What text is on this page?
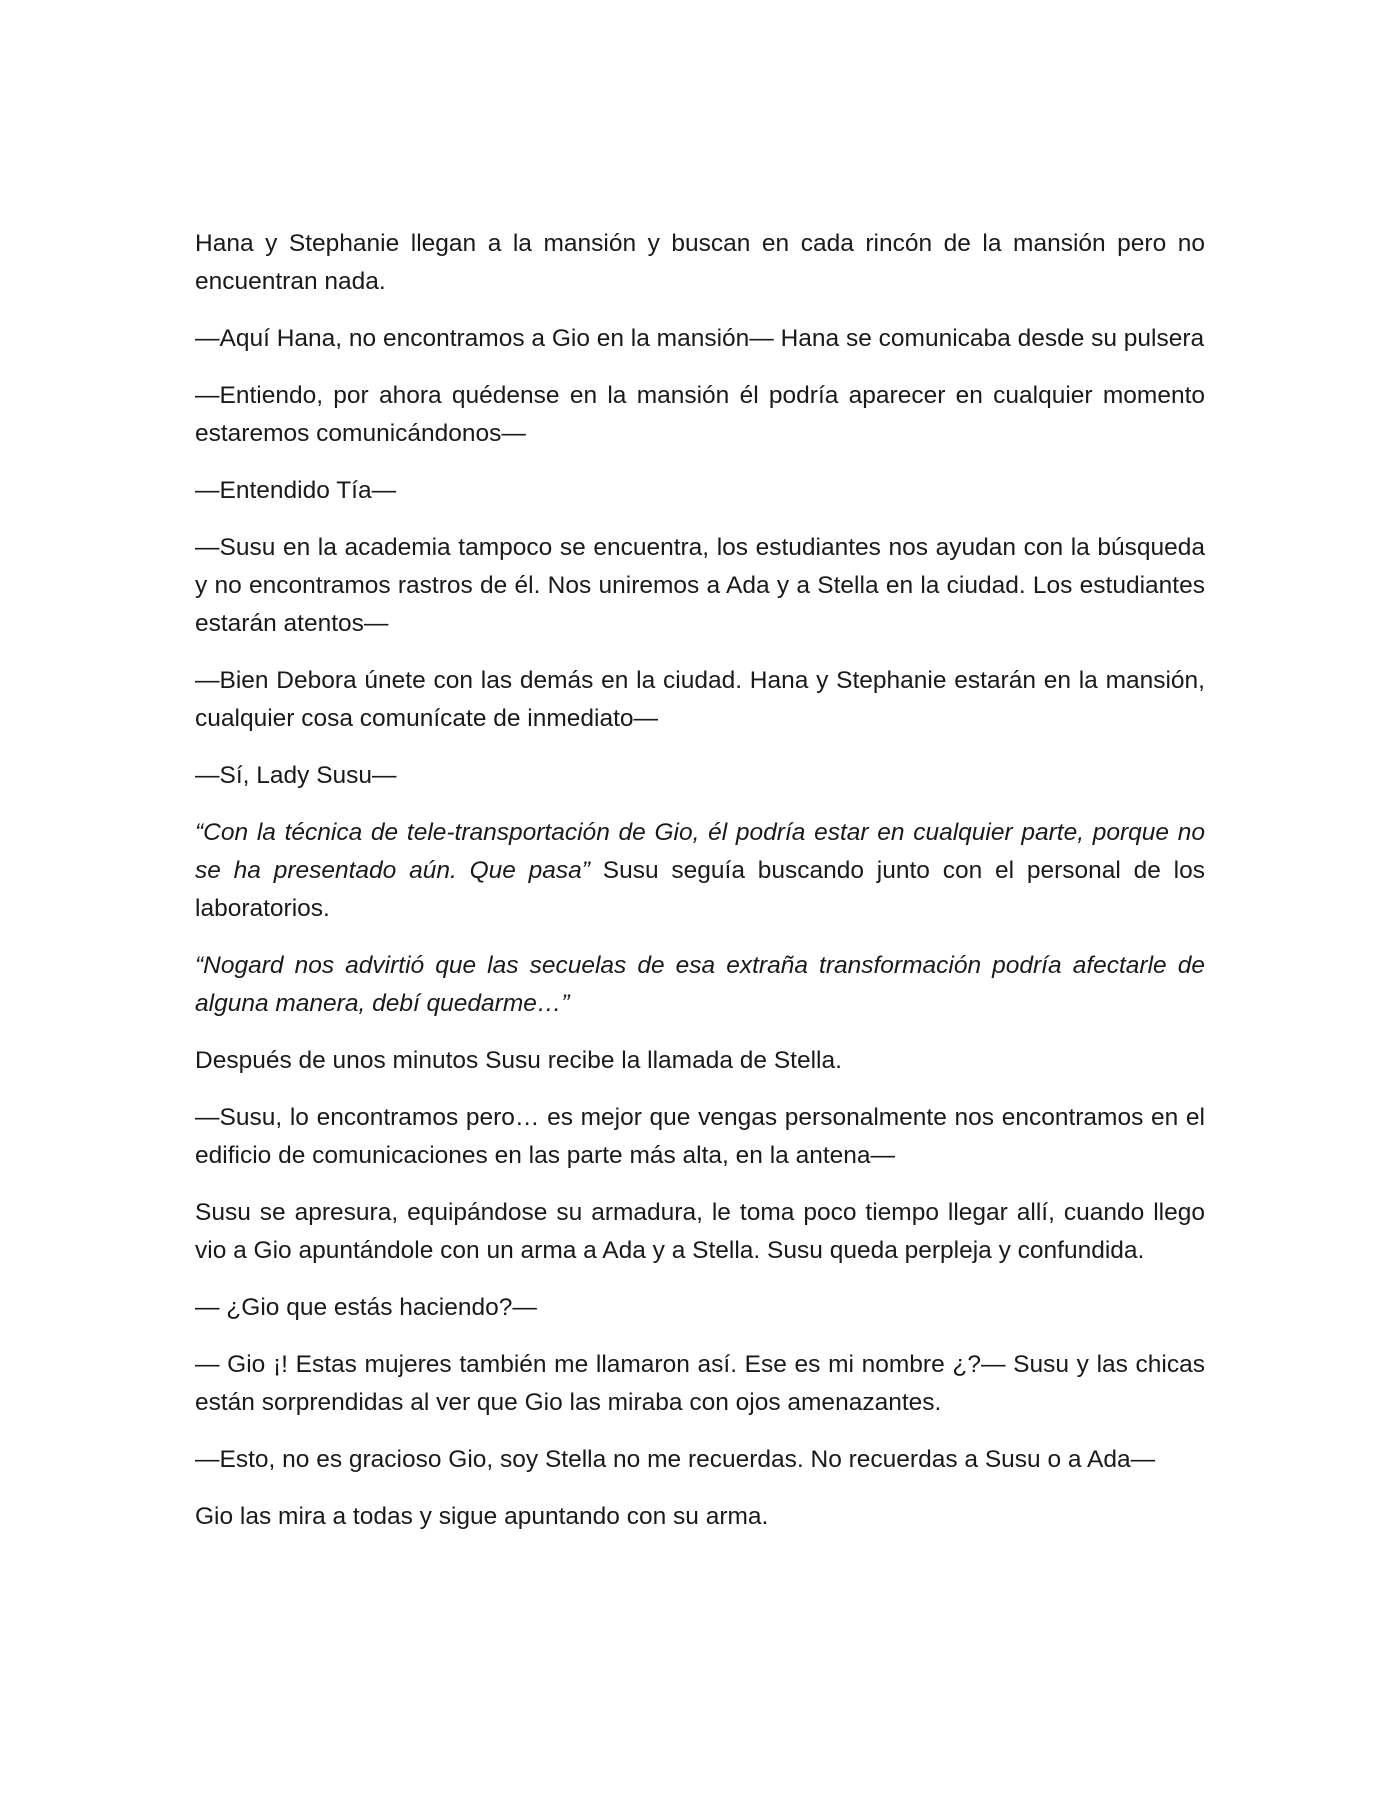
Hana y Stephanie llegan a la mansión y buscan en cada rincón de la mansión pero no encuentran nada.

—Aquí Hana, no encontramos a Gio en la mansión— Hana se comunicaba desde su pulsera

—Entiendo, por ahora quédense en la mansión él podría aparecer en cualquier momento estaremos comunicándonos—

—Entendido Tía—

—Susu en la academia tampoco se encuentra, los estudiantes nos ayudan con la búsqueda y no encontramos rastros de él. Nos uniremos a Ada y a Stella en la ciudad. Los estudiantes estarán atentos—

—Bien Debora únete con las demás en la ciudad. Hana y Stephanie estarán en la mansión, cualquier cosa comunícate de inmediato—

—Sí, Lady Susu—

“Con la técnica de tele-transportación de Gio, él podría estar en cualquier parte, porque no se ha presentado aún. Que pasa” Susu seguía buscando junto con el personal de los laboratorios.

“Nogard nos advirtió que las secuelas de esa extraña transformación podría afectarle de alguna manera, debí quedarme…”

Después de unos minutos Susu recibe la llamada de Stella.

—Susu, lo encontramos pero… es mejor que vengas personalmente nos encontramos en el edificio de comunicaciones en las parte más alta, en la antena—

Susu se apresura, equipándose su armadura, le toma poco tiempo llegar allí, cuando llego vio a Gio apuntándole con un arma a Ada y a Stella. Susu queda perpleja y confundida.

— ¿Gio que estás haciendo?—

— Gio ¡! Estas mujeres también me llamaron así. Ese es mi nombre ¿?— Susu y las chicas están sorprendidas al ver que Gio las miraba con ojos amenazantes.

—Esto, no es gracioso Gio, soy Stella no me recuerdas. No recuerdas a Susu o a Ada—

Gio las mira a todas y sigue apuntando con su arma.
